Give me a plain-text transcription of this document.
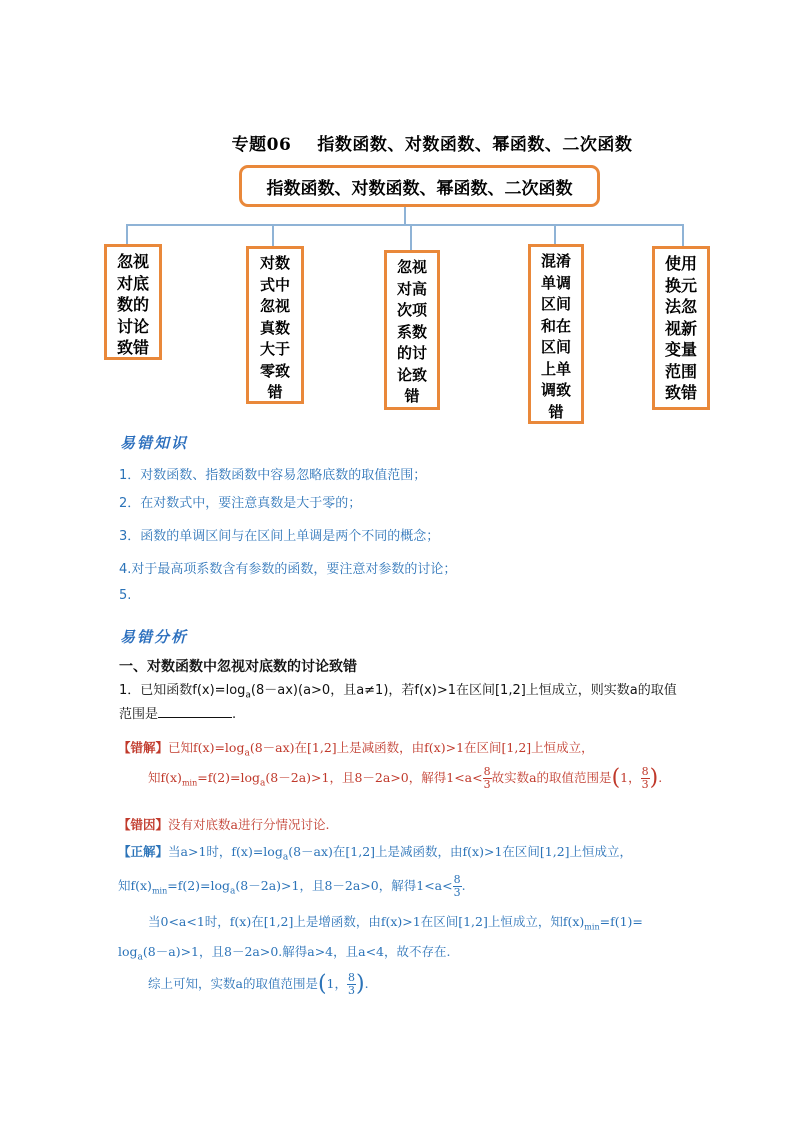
专题06 指数函数、对数函数、幂函数、二次函数
指数函数、对数函数、幂函数、二次函数
忽视
对底
数的
讨论
致错
对数
式中
忽视
真数
大于
零致
错
忽视
对高
次项
系数
的讨
论致
错
混淆
单调
区间
和在
区间
上单
调致
错
使用
换元
法忽
视新
变量
范围
致错
易错知识
1．对数函数、指数函数中容易忽略底数的取值范围；
2．在对数式中，要注意真数是大于零的；
3．函数的单调区间与在区间上单调是两个不同的概念；
4.对于最高项系数含有参数的函数，要注意对参数的讨论；
5.
易错分析
一、对数函数中忽视对底数的讨论致错
1．已知函数$f(x)=\log_a(8-ax)(a>0$，且a≠1)，若f(x)>1在区间[1,2]上恒成立，则实数a的取值
范围是	.
【错解】已知$f(x)=\log_a(8-ax)$在[1,2]上是减函数，由f(x)>1在区间[1,2]上恒成立，
知$f(x)_{min}=f(2)=\log_a(8-2a)>1$，且8－2a>0，解得$1<a< \frac{8}{3}$ 故实数a的取值范围是(1， $\frac{8}{3}$ ).
【错因】没有对底数a进行分情况讨论.
【正解】当a>1时，$f(x)=\log_a(8-ax)$在[1,2]上是减函数，由f(x)>1在区间[1,2]上恒成立，
知$f(x)_{min}=f(2)=\log_a(8-2a)>1$，且8－2a>0，解得$1<a< \frac{8}{3}$ .
当0<a<1时，f(x)在[1,2]上是增函数，由f(x)>1在区间[1,2]上恒成立，知$f(x)_{min}=f(1)=$
$\log_a(8-a)>1$，且8－2a>0.解得a>4，且a<4，故不存在.
综上可知，实数a的取值范围是(1， $\frac{8}{3}$ ).
